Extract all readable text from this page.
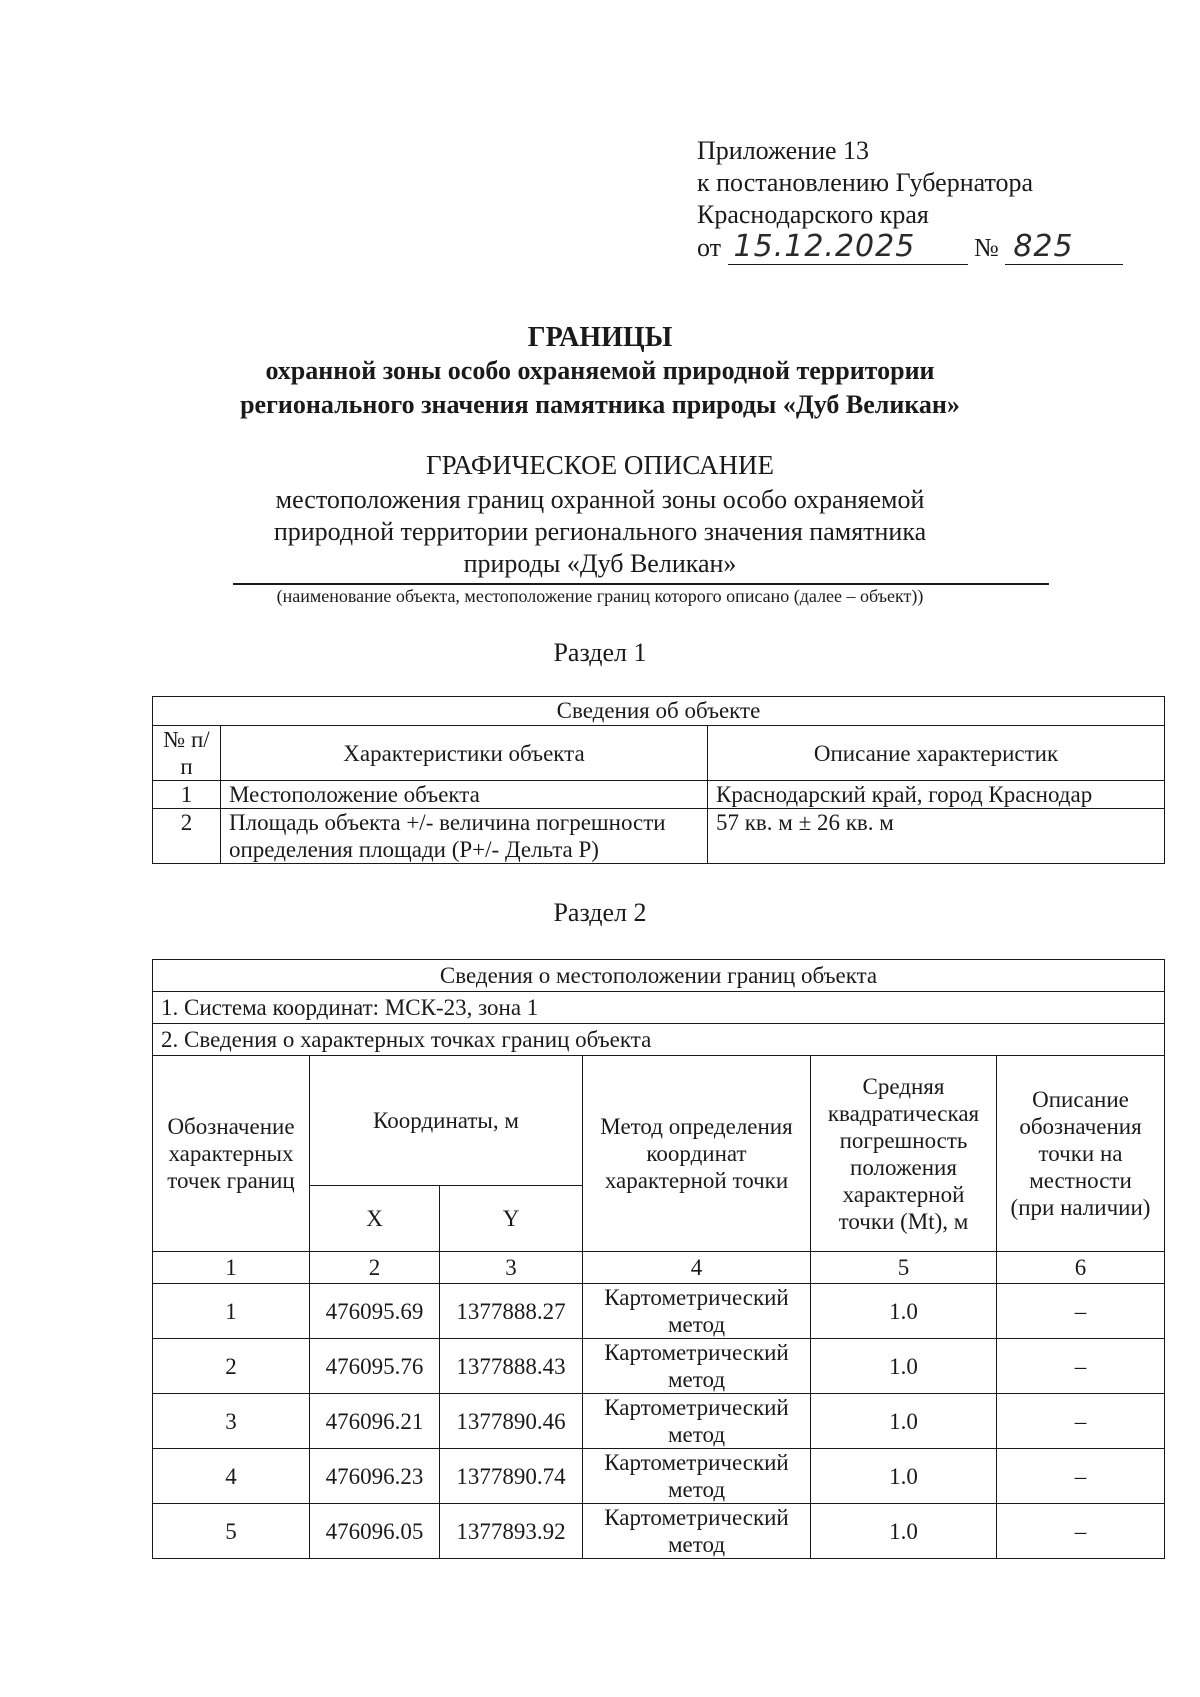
Приложение 13
к постановлению Губернатора
Краснодарского края
от 15.12.2025 № 825
ГРАНИЦЫ
охранной зоны особо охраняемой природной территории
регионального значения памятника природы «Дуб Великан»
ГРАФИЧЕСКОЕ ОПИСАНИЕ
местоположения границ охранной зоны особо охраняемой
природной территории регионального значения памятника
природы «Дуб Великан»
(наименование объекта, местоположение границ которого описано (далее – объект))
Раздел 1
Сведения об объекте		
№ п/п	Характеристики объекта	Описание характеристик
1	Местоположение объекта	Краснодарский край, город Краснодар
2	Площадь объекта +/- величина погрешности определения площади (P+/- Дельта P)	57 кв. м ± 26 кв. м
Раздел 2
Сведения о местоположении границ объекта					
1. Система координат: МСК-23, зона 1					
2. Сведения о характерных точках границ объекта					
Обозначение характерных точек границ	Координаты, м		Метод определения координат характерной точки	Средняя квадратическая погрешность положения характерной точки (Mt), м	Описание обозначения точки на местности (при наличии)
	X	Y			
1	2	3	4	5	6
1	476095.69	1377888.27	Картометрический метод	1.0	–
2	476095.76	1377888.43	Картометрический метод	1.0	–
3	476096.21	1377890.46	Картометрический метод	1.0	–
4	476096.23	1377890.74	Картометрический метод	1.0	–
5	476096.05	1377893.92	Картометрический метод	1.0	–
